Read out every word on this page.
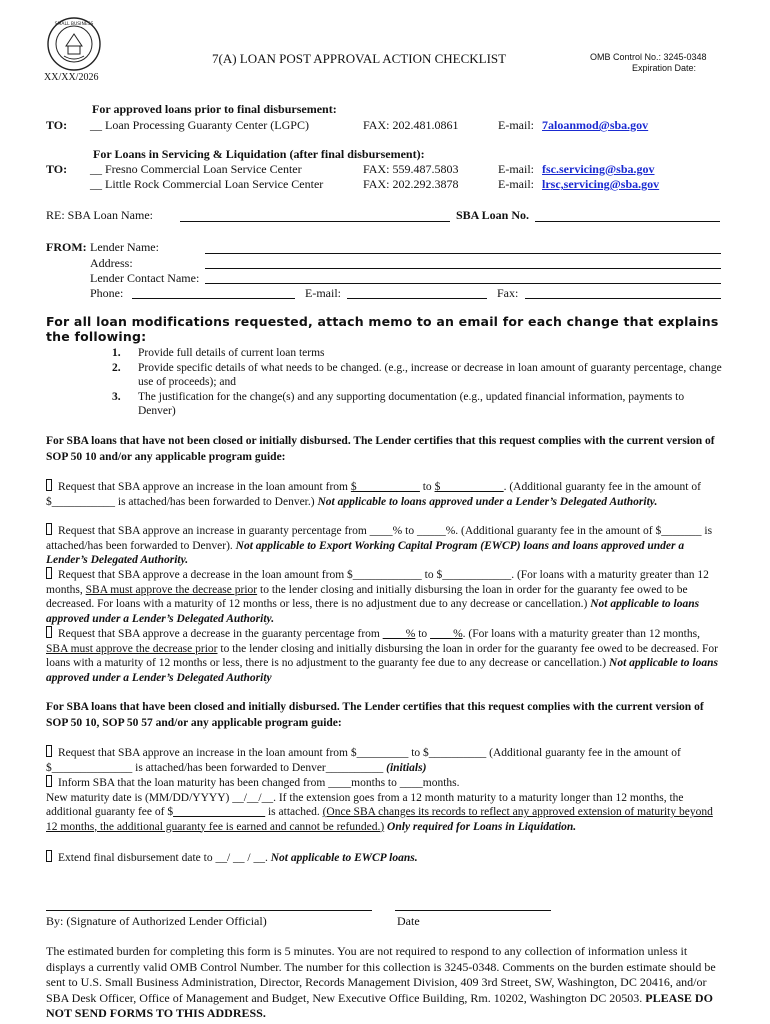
SMALL BUSINESS
XX/XX/2026
7(A) LOAN POST APPROVAL ACTION CHECKLIST	OMB Control No.: 3245-0348
Expiration Date:
TO:
For approved loans prior to final disbursement:
__ Loan Processing Guaranty Center (LGPC)	FAX: 202.481.0861	E-mail: 7aloanmod@sba.gov
TO:
For Loans in Servicing & Liquidation (after final disbursement):
__ Fresno Commercial Loan Service Center	FAX: 559.487.5803	E-mail: fsc.servicing@sba.gov
__ Little Rock Commercial Loan Service Center	FAX: 202.292.3878	E-mail: lrsc,servicing@sba.gov
RE: SBA Loan Name:	SBA Loan No.
FROM: Lender Name:
Address:
Lender Contact Name:
Phone:	E-mail:	Fax:
For all loan modifications requested, attach memo to an email for each change that explains the following:
1. Provide full details of current loan terms
2. Provide specific details of what needs to be changed. (e.g., increase or decrease in loan amount of guaranty percentage, change use of proceeds); and
3. The justification for the change(s) and any supporting documentation (e.g., updated financial information, payments to Denver)
For SBA loans that have not been closed or initially disbursed. The Lender certifies that this request complies with the current version of SOP 50 10 and/or any applicable program guide:
Request that SBA approve an increase in the loan amount from $___________ to $___________. (Additional guaranty fee in the amount of $___________ is attached/has been forwarded to Denver.) Not applicable to loans approved under a Lender’s Delegated Authority.
Request that SBA approve an increase in guaranty percentage from ____% to _____%. (Additional guaranty fee in the amount of $_______ is attached/has been forwarded to Denver). Not applicable to Export Working Capital Program (EWCP) loans and loans approved under a Lender’s Delegated Authority.
Request that SBA approve a decrease in the loan amount from $____________ to $____________. (For loans with a maturity greater than 12 months, SBA must approve the decrease prior to the lender closing and initially disbursing the loan in order for the guaranty fee owed to be decreased. For loans with a maturity of 12 months or less, there is no adjustment due to any decrease or cancellation.) Not applicable to loans approved under a Lender’s Delegated Authority.
Request that SBA approve a decrease in the guaranty percentage from ____% to ____%. (For loans with a maturity greater than 12 months, SBA must approve the decrease prior to the lender closing and initially disbursing the loan in order for the guaranty fee owed to be decreased. For loans with a maturity of 12 months or less, there is no adjustment to the guaranty fee due to any decrease or cancellation.) Not applicable to loans approved under a Lender’s Delegated Authority
For SBA loans that have been closed and initially disbursed. The Lender certifies that this request complies with the current version of SOP 50 10, SOP 50 57 and/or any applicable program guide:
Request that SBA approve an increase in the loan amount from $_________ to $__________ (Additional guaranty fee in the amount of $______________ is attached/has been forwarded to Denver__________ (initials)
Inform SBA that the loan maturity has been changed from ____months to ____months.
New maturity date is (MM/DD/YYYY) __/__/__. If the extension goes from a 12 month maturity to a maturity longer than 12 months, the additional guaranty fee of $________________ is attached. (Once SBA changes its records to reflect any approved extension of maturity beyond 12 months, the additional guaranty fee is earned and cannot be refunded.) Only required for Loans in Liquidation.
Extend final disbursement date to __/ __ / __. Not applicable to EWCP loans.
By: (Signature of Authorized Lender Official)	Date
The estimated burden for completing this form is 5 minutes. You are not required to respond to any collection of information unless it displays a currently valid OMB Control Number. The number for this collection is 3245-0348. Comments on the burden estimate should be sent to U.S. Small Business Administration, Director, Records Management Division, 409 3rd Street, SW, Washington, DC 20416, and/or SBA Desk Officer, Office of Management and Budget, New Executive Office Building, Rm. 10202, Washington DC 20503. PLEASE DO NOT SEND FORMS TO THIS ADDRESS.
